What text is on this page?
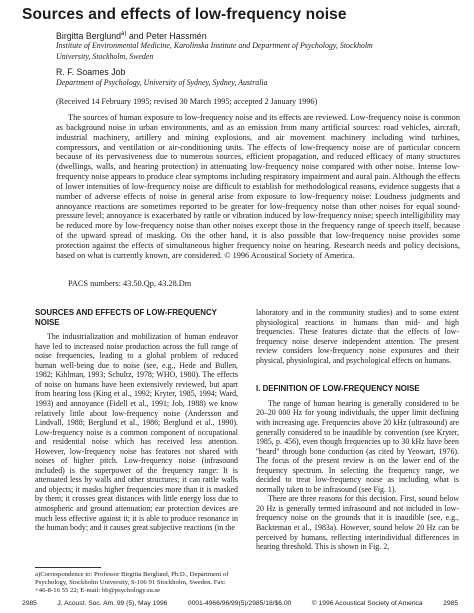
Sources and effects of low-frequency noise
Birgitta Berglund$^{a)}$ and Peter Hassmén
Institute of Environmental Medicine, Karolinska Institute and Department of Psychology, Stockholm
University, Stockholm, Sweden
R. F. Soames Job
Department of Psychology, University of Sydney, Sydney, Australia
(Received 14 February 1995; revised 30 March 1995; accepted 2 January 1996)
The sources of human exposure to low-frequency noise and its effects are reviewed. Low-frequency noise is common as background noise in urban environments, and as an emission from many artificial sources: road vehicles, aircraft, industrial machinery, artillery and mining explosions, and air movement machinery including wind turbines, compressors, and ventilation or air-conditioning units. The effects of low-frequency noise are of particular concern because of its pervasiveness due to numerous sources, efficient propagation, and reduced efficacy of many structures (dwellings, walls, and hearing protection) in attenuating low-frequency noise compared with other noise. Intense low-frequency noise appears to produce clear symptoms including respiratory impairment and aural pain. Although the effects of lower intensities of low-frequency noise are difficult to establish for methodological reasons, evidence suggests that a number of adverse effects of noise in general arise from exposure to low-frequency noise: Loudness judgments and annoyance reactions are sometimes reported to be greater for low-frequency noise than other noises for equal sound-pressure level; annoyance is exacerbated by rattle or vibration induced by low-frequency noise; speech intelligibility may be reduced more by low-frequency noise than other noises except those in the frequency range of speech itself, because of the upward spread of masking. On the other hand, it is also possible that low-frequency noise provides some protection against the effects of simultaneous higher frequency noise on hearing. Research needs and policy decisions, based on what is currently known, are considered. © 1996 Acoustical Society of America.
PACS numbers: 43.50.Qp, 43.28.Dm
SOURCES AND EFFECTS OF LOW-FREQUENCY NOISE

The industrialization and mobilization of human endeavor have led to increased noise production across the full range of noise frequencies, leading to a global problem of reduced human well-being due to noise (see, e.g., Hede and Bullen, 1982; Kihlman, 1993; Schultz, 1978; WHO, 1980). The effects of noise on humans have been extensively reviewed, but apart from hearing loss (King et al., 1992; Kryter, 1985, 1994; Ward, 1993) and annoyance (Fidell et al., 1991; Job, 1988) we know relatively little about low-frequency noise (Andersson and Lindvall, 1988; Berglund et al., 1986; Berglund et al., 1990). Low-frequency noise is a common component of occupational and residential noise which has received less attention. However, low-frequency noise has features not shared with noises of higher pitch. Low-frequency noise (infrasound included) is the superpower of the frequency range: It is attenuated less by walls and other structures; it can rattle walls and objects; it masks higher frequencies more than it is masked by them; it crosses great distances with little energy loss due to atmospheric and ground attenuation; ear protection devices are much less effective against it; it is able to produce resonance in the human body; and it causes great subjective reactions (in the

laboratory and in the community studies) and to some extent physiological reactions in humans than mid- and high frequencies. These features dictate that the effects of low-frequency noise deserve independent attention. The present review considers low-frequency noise exposures and their physical, physiological, and psychological effects on humans.

I. DEFINITION OF LOW-FREQUENCY NOISE

The range of human hearing is generally considered to be 20–20 000 Hz for young individuals, the upper limit declining with increasing age. Frequencies above 20 kHz (ultrasound) are generally considered to be inaudible by convention (see Kryter, 1985, p. 456), even though frequencies up to 30 kHz have been ''heard'' through bone conduction (as cited by Yeowart, 1976). The focus of the present review is on the lower end of the frequency spectrum. In selecting the frequency range, we decided to treat low-frequency noise as including what is normally taken to be infrasound (see Fig. 1).

There are three reasons for this decision. First, sound below 20 Hz is generally termed infrasound and not included in low-frequency noise on the grounds that it is inaudible (see, e.g., Backteman et al., 1983a). However, sound below 20 Hz can be perceived by humans, reflecting interindividual differences in hearing threshold. This is shown in Fig. 2,

a)Correspondence to: Professor Birgitta Berglund, Ph.D., Department of Psychology, Stockholm University, S-106 91 Stockholm, Sweden. Fax: +46-8-16 55 22; E-mail: bb@psychology.su.se
2985	J. Acoust. Soc. Am. 99 (5), May 1996	0001-4966/96/99(5)/2985/18/$6.00	© 1996 Acoustical Society of America	2985
